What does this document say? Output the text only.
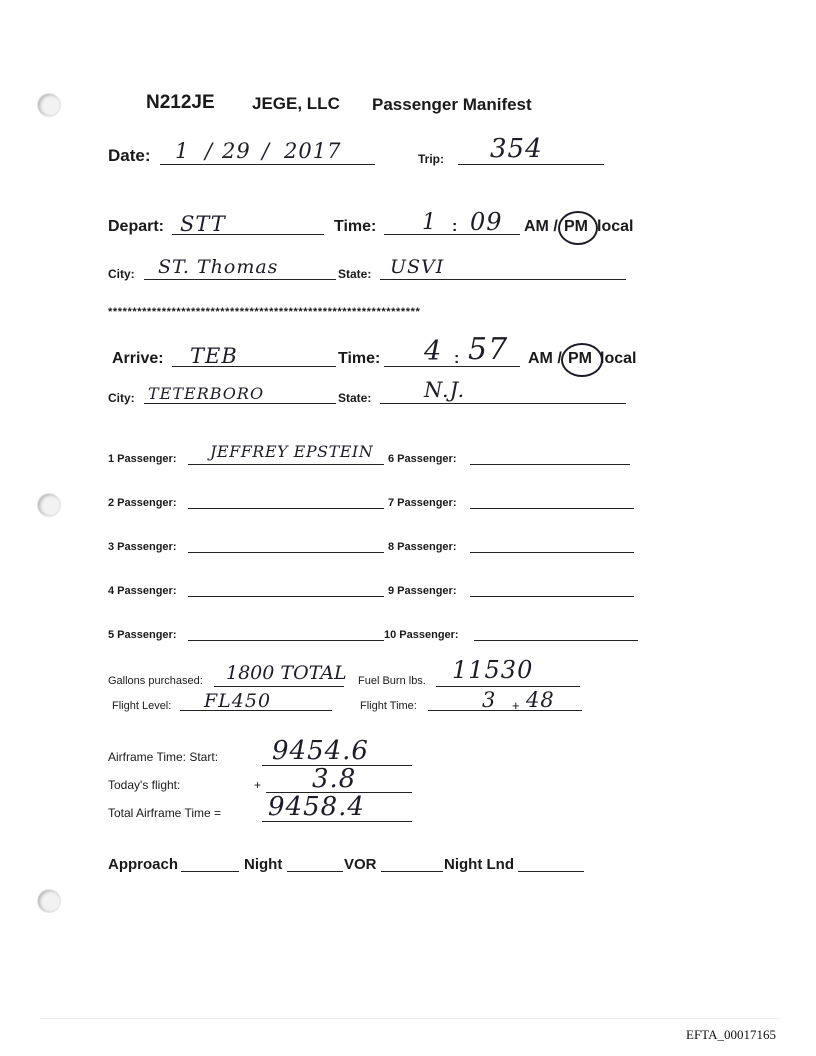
N212JE JEGE, LLC Passenger Manifest
Date: 1 / 29 / 2017	Trip: 354
Depart: STT	Time: 1 : 09 AM / PM local
City: ST. Thomas	State: USVI
****************************************************************
Arrive: TEB	Time: 4 : 57 AM / PM local
City: TETERBORO	State:	N.J.
1 Passenger: JEFFREY EPSTEIN
2 Passenger:
3 Passenger:
4 Passenger:
5 Passenger:
6 Passenger:
7 Passenger:
8 Passenger:
9 Passenger:
10 Passenger:
Gallons purchased: 1800 TOTAL Fuel Burn lbs. 11530
Flight Level: FL450	Flight Time:	3 + 48
Airframe Time: Start: 9454.6
Today's flight:	+ 3.8
Total Airframe Time = 9458.4
Approach	Night	VOR	Night Lnd
EFTA_00017165
